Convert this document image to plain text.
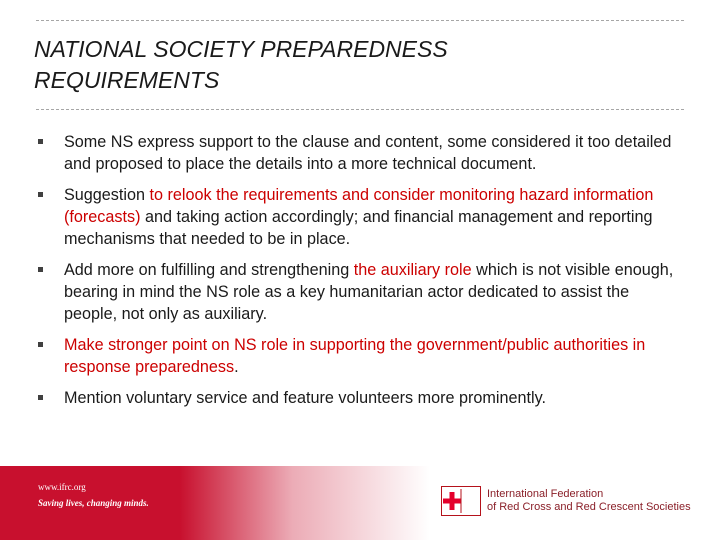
NATIONAL SOCIETY PREPAREDNESS
REQUIREMENTS
Some NS express support to the clause and content, some considered it too detailed and proposed to place the details into a more technical document.
Suggestion to relook the requirements and consider monitoring hazard information (forecasts) and taking action accordingly; and financial management and reporting mechanisms that needed to be in place.
Add more on fulfilling and strengthening the auxiliary role which is not visible enough, bearing in mind the NS role as a key humanitarian actor dedicated to assist the people, not only as auxiliary.
Make stronger point on NS role in supporting the government/public authorities in response preparedness.
Mention voluntary service and feature volunteers more prominently.
www.ifrc.org
Saving lives, changing minds.
International Federation
of Red Cross and Red Crescent Societies
